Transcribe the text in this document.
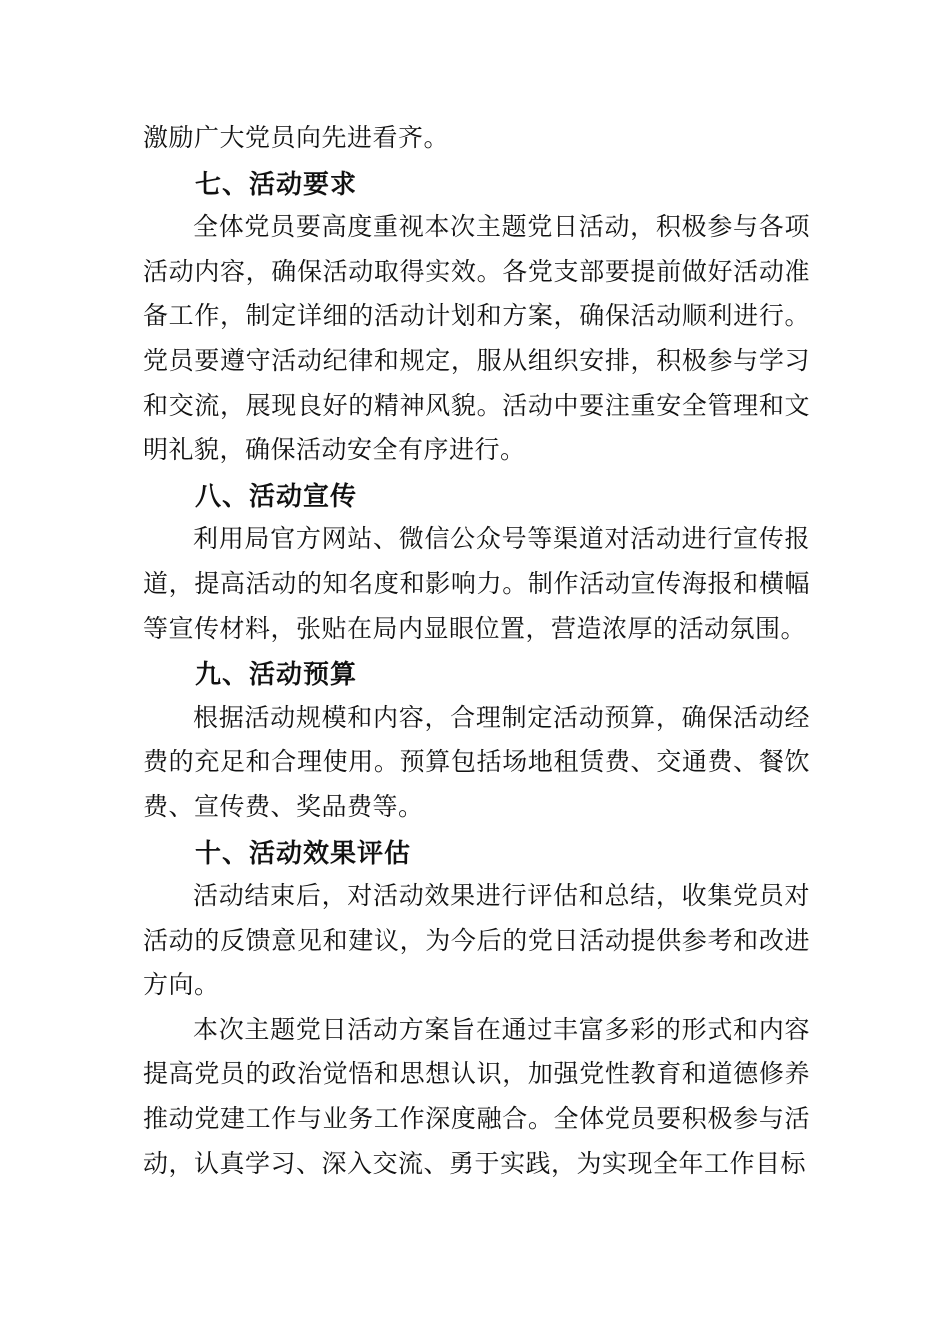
激励广大党员向先进看齐。

七、活动要求

全体党员要高度重视本次主题党日活动，积极参与各项活动内容，确保活动取得实效。各党支部要提前做好活动准备工作，制定详细的活动计划和方案，确保活动顺利进行。党员要遵守活动纪律和规定，服从组织安排，积极参与学习和交流，展现良好的精神风貌。活动中要注重安全管理和文明礼貌，确保活动安全有序进行。

八、活动宣传

利用局官方网站、微信公众号等渠道对活动进行宣传报道，提高活动的知名度和影响力。制作活动宣传海报和横幅等宣传材料，张贴在局内显眼位置，营造浓厚的活动氛围。

九、活动预算

根据活动规模和内容，合理制定活动预算，确保活动经费的充足和合理使用。预算包括场地租赁费、交通费、餐饮费、宣传费、奖品费等。

十、活动效果评估

活动结束后，对活动效果进行评估和总结，收集党员对活动的反馈意见和建议，为今后的党日活动提供参考和改进方向。

本次主题党日活动方案旨在通过丰富多彩的形式和内容提高党员的政治觉悟和思想认识，加强党性教育和道德修养推动党建工作与业务工作深度融合。全体党员要积极参与活动，认真学习、深入交流、勇于实践，为实现全年工作目标
